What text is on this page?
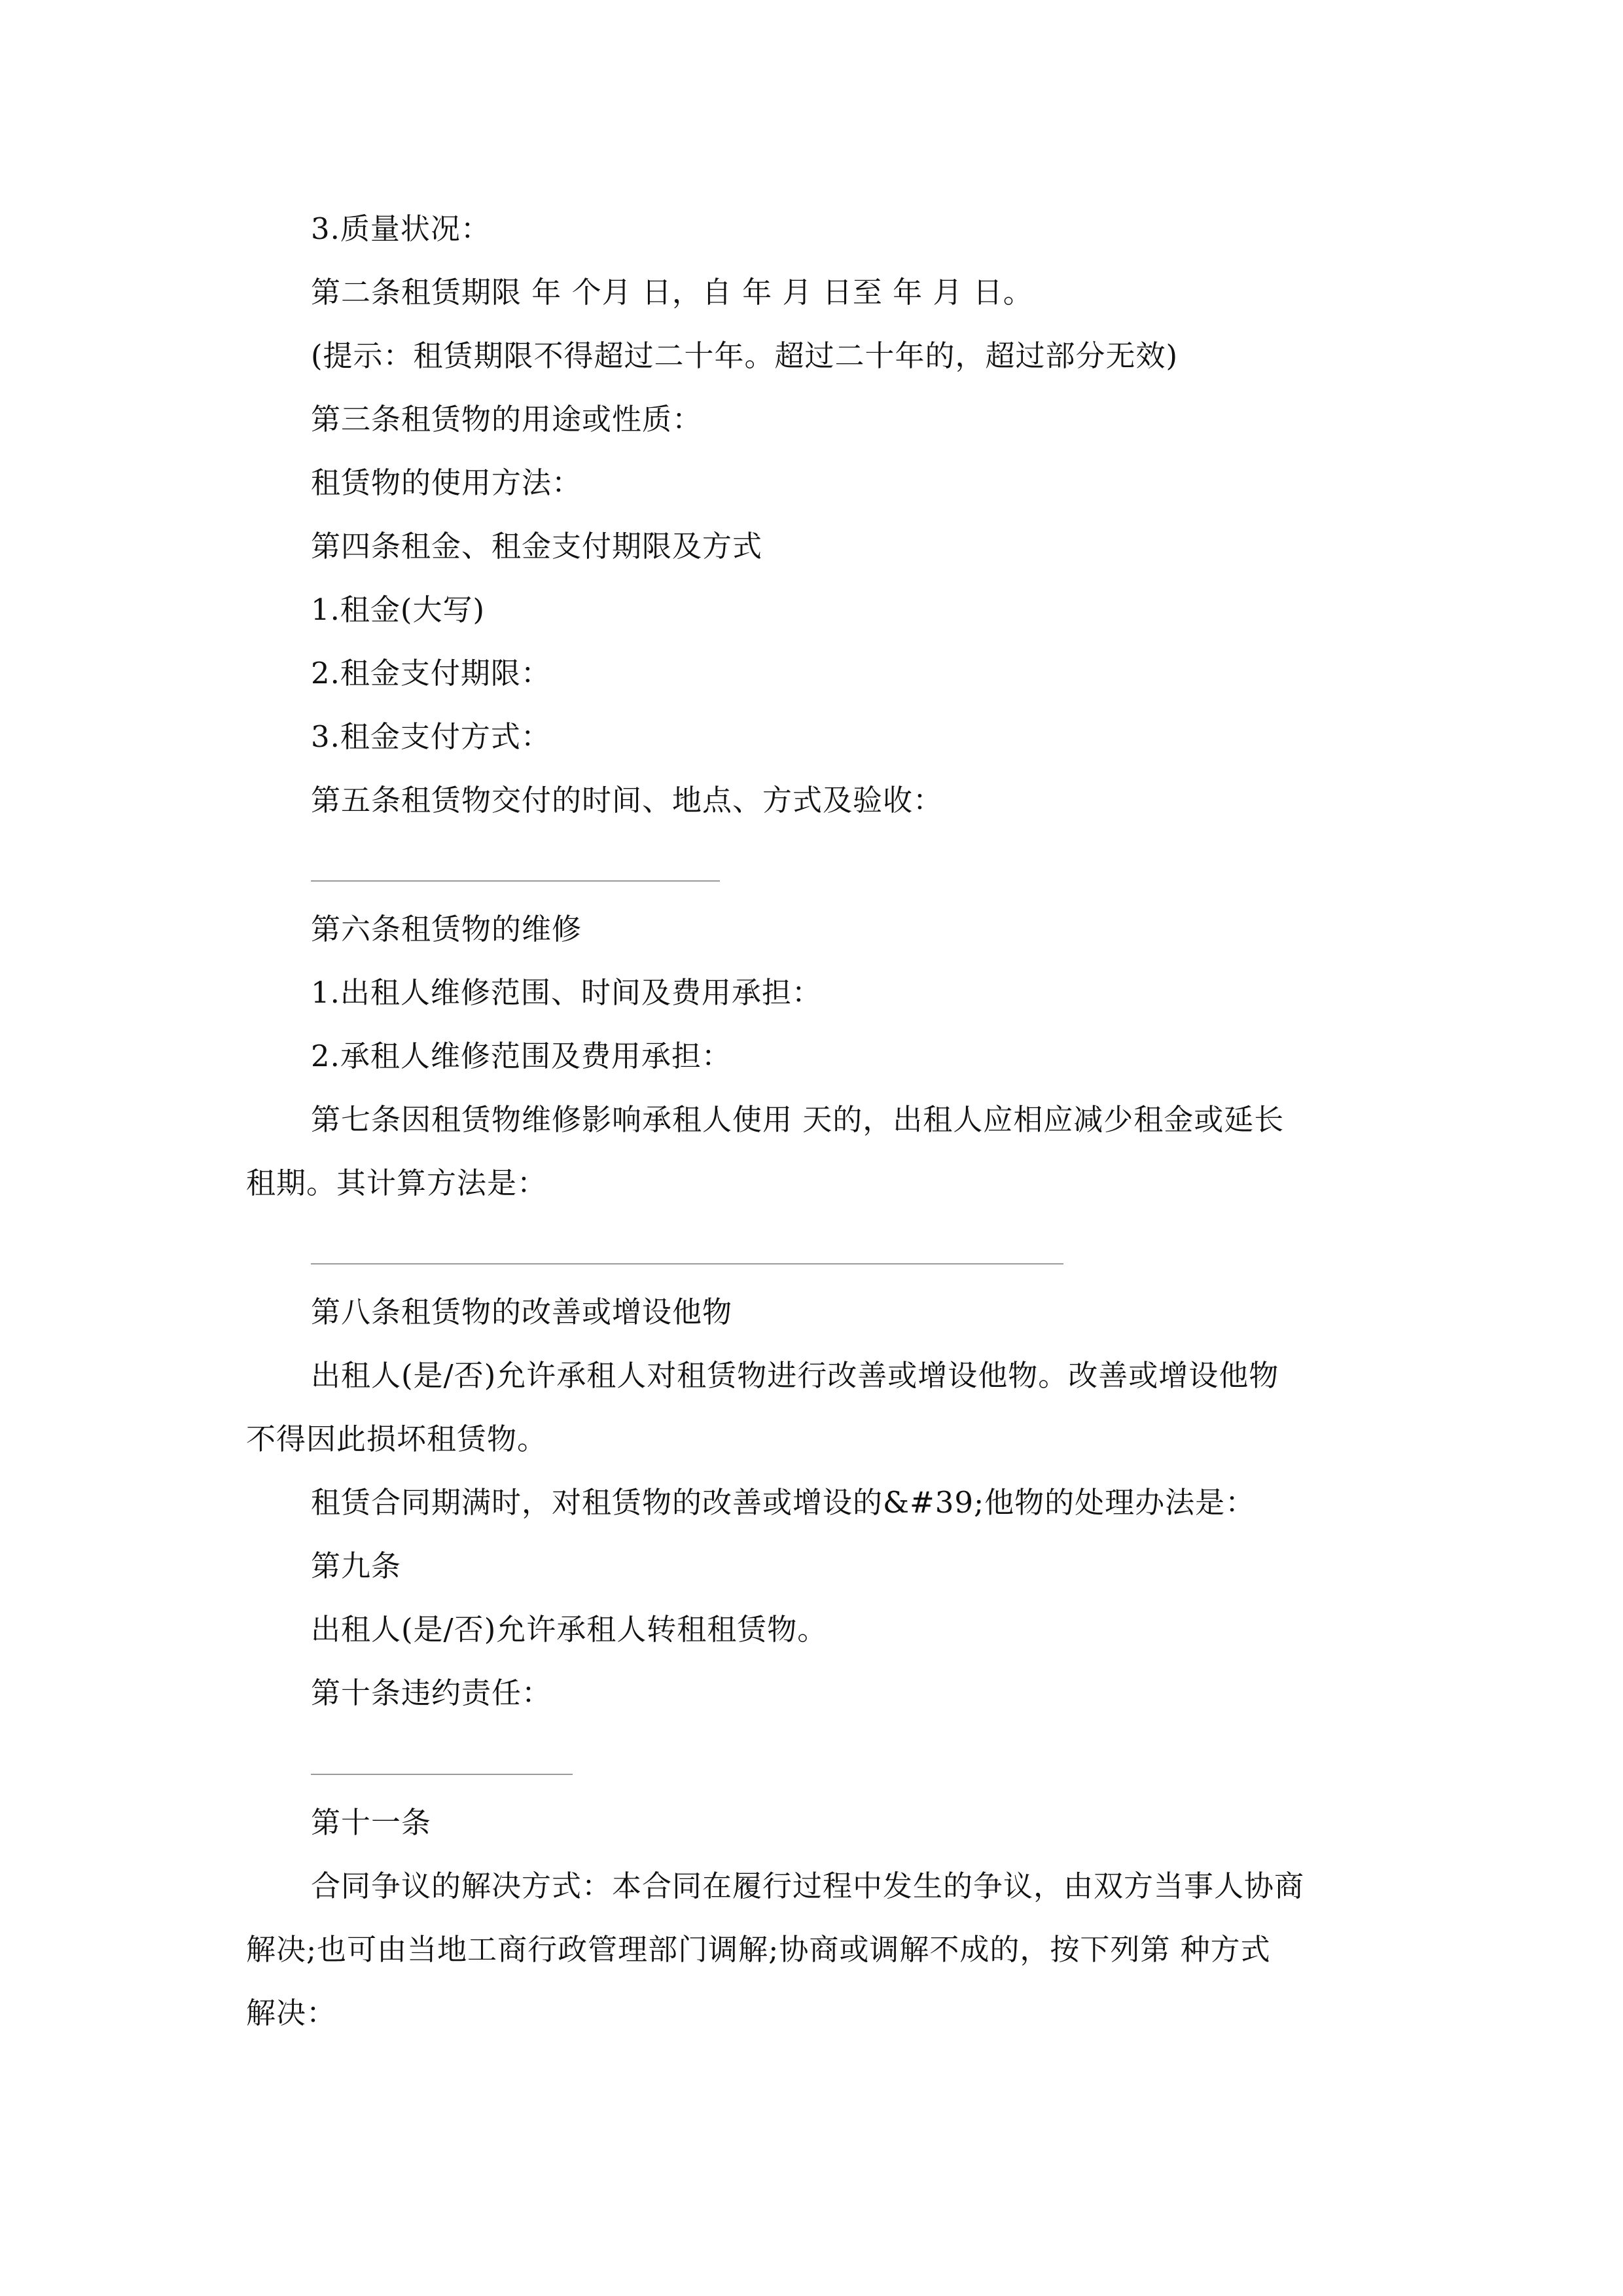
3.质量状况：
第二条租赁期限 年 个月 日，自 年 月 日至 年 月 日。
(提示：租赁期限不得超过二十年。超过二十年的，超过部分无效)
第三条租赁物的用途或性质：
租赁物的使用方法：
第四条租金、租金支付期限及方式
1.租金(大写)
2.租金支付期限：
3.租金支付方式：
第五条租赁物交付的时间、地点、方式及验收：
第六条租赁物的维修
1.出租人维修范围、时间及费用承担：
2.承租人维修范围及费用承担：
第七条因租赁物维修影响承租人使用 天的，出租人应相应减少租金或延长
租期。其计算方法是：
第八条租赁物的改善或增设他物
出租人(是/否)允许承租人对租赁物进行改善或增设他物。改善或增设他物
不得因此损坏租赁物。
租赁合同期满时，对租赁物的改善或增设的&#39;他物的处理办法是：
第九条
出租人(是/否)允许承租人转租租赁物。
第十条违约责任：
第十一条
合同争议的解决方式：本合同在履行过程中发生的争议，由双方当事人协商
解决;也可由当地工商行政管理部门调解;协商或调解不成的，按下列第 种方式
解决：
